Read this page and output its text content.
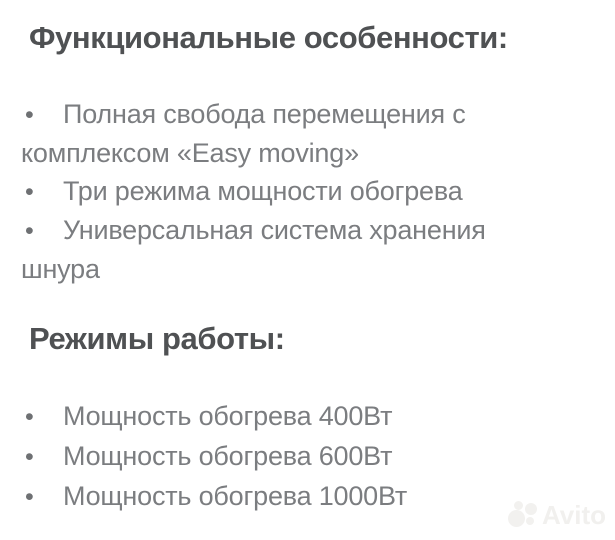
Функциональные особенности:
• Полная свобода перемещения с
комплексом «Easy moving»
• Три режима мощности обогрева
• Универсальная система хранения
шнура
Режимы работы:
• Мощность обогрева 400Вт
• Мощность обогрева 600Вт
• Мощность обогрева 1000Вт
Avito
